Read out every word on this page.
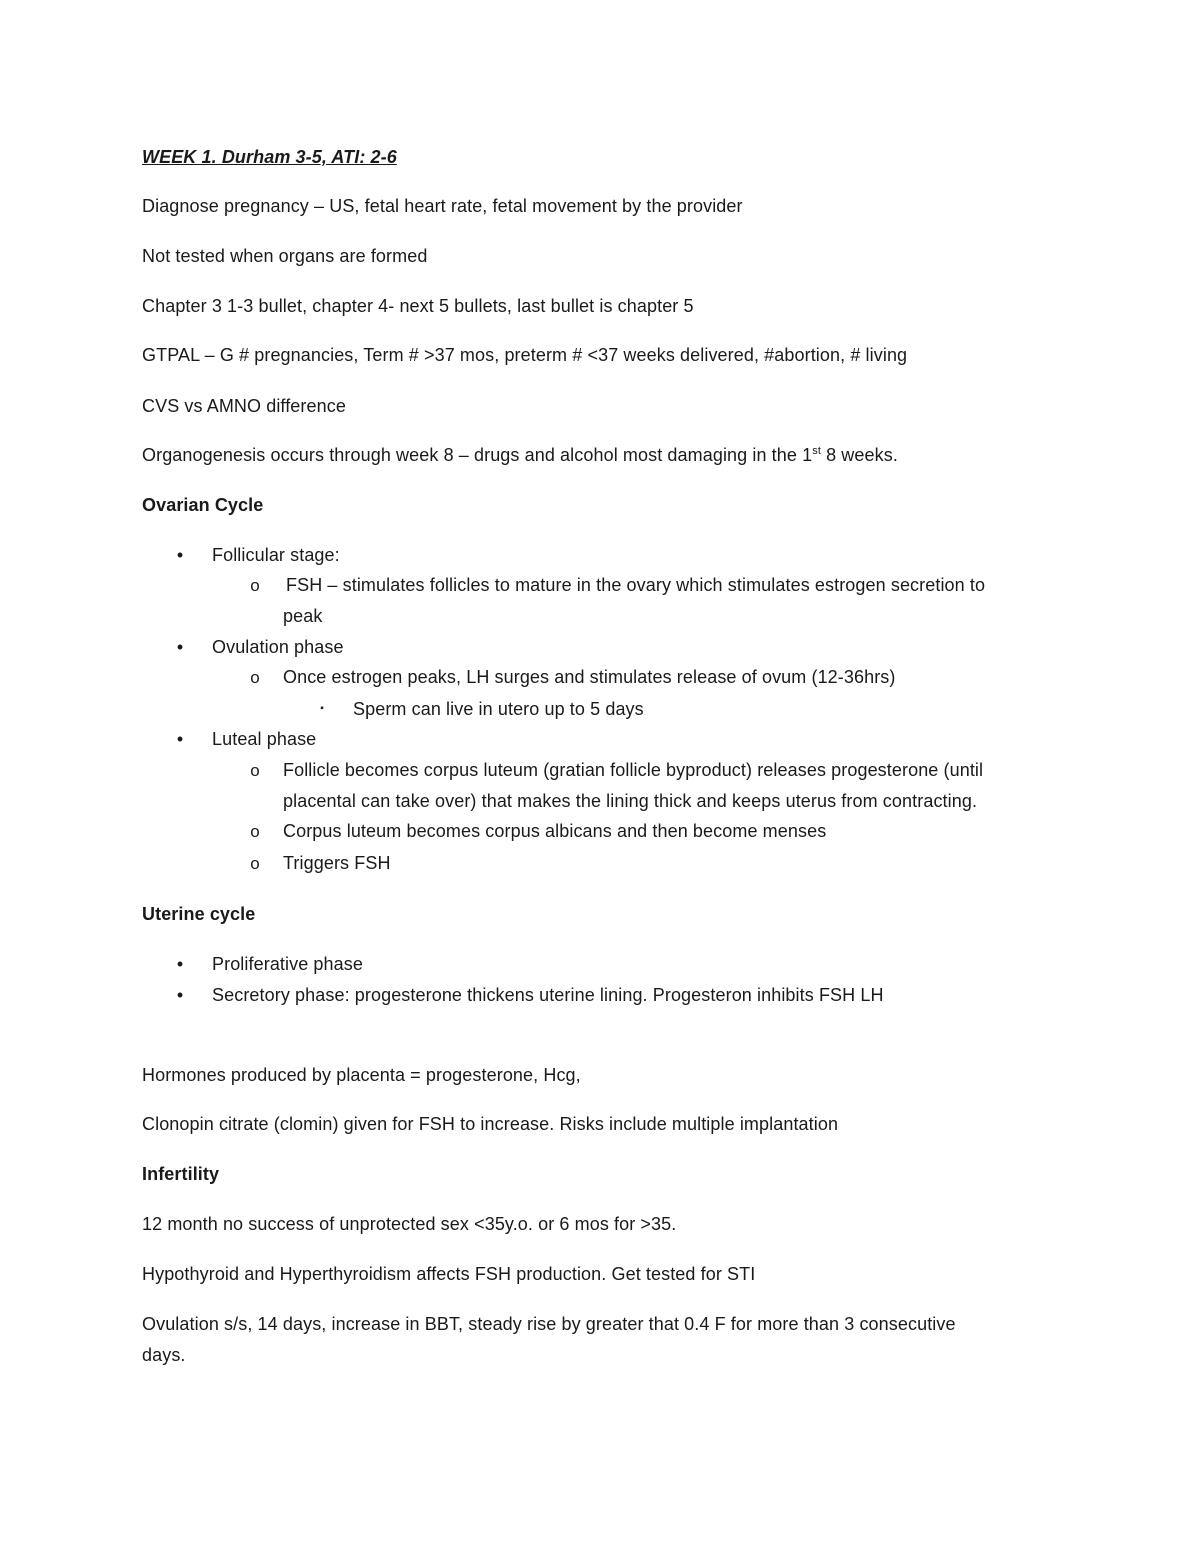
WEEK 1. Durham 3-5, ATI: 2-6
Diagnose pregnancy – US, fetal heart rate, fetal movement by the provider
Not tested when organs are formed
Chapter 3 1-3 bullet, chapter 4- next 5 bullets, last bullet is chapter 5
GTPAL – G # pregnancies, Term # >37 mos, preterm # <37 weeks delivered, #abortion, # living
CVS vs AMNO difference
Organogenesis occurs through week 8 – drugs and alcohol most damaging in the 1st 8 weeks.
Ovarian Cycle
•	Follicular stage:
o FSH – stimulates follicles to mature in the ovary which stimulates estrogen secretion to
peak
•	Ovulation phase
o Once estrogen peaks, LH surges and stimulates release of ovum (12-36hrs)
▪ Sperm can live in utero up to 5 days
•	Luteal phase
o Follicle becomes corpus luteum (gratian follicle byproduct) releases progesterone (until
placental can take over) that makes the lining thick and keeps uterus from contracting.
o Corpus luteum becomes corpus albicans and then become menses
o Triggers FSH
Uterine cycle
•	Proliferative phase
•	Secretory phase: progesterone thickens uterine lining. Progesteron inhibits FSH LH
Hormones produced by placenta = progesterone, Hcg,
Clonopin citrate (clomin) given for FSH to increase. Risks include multiple implantation
Infertility
12 month no success of unprotected sex <35y.o. or 6 mos for >35.
Hypothyroid and Hyperthyroidism affects FSH production. Get tested for STI
Ovulation s/s, 14 days, increase in BBT, steady rise by greater that 0.4 F for more than 3 consecutive
days.
